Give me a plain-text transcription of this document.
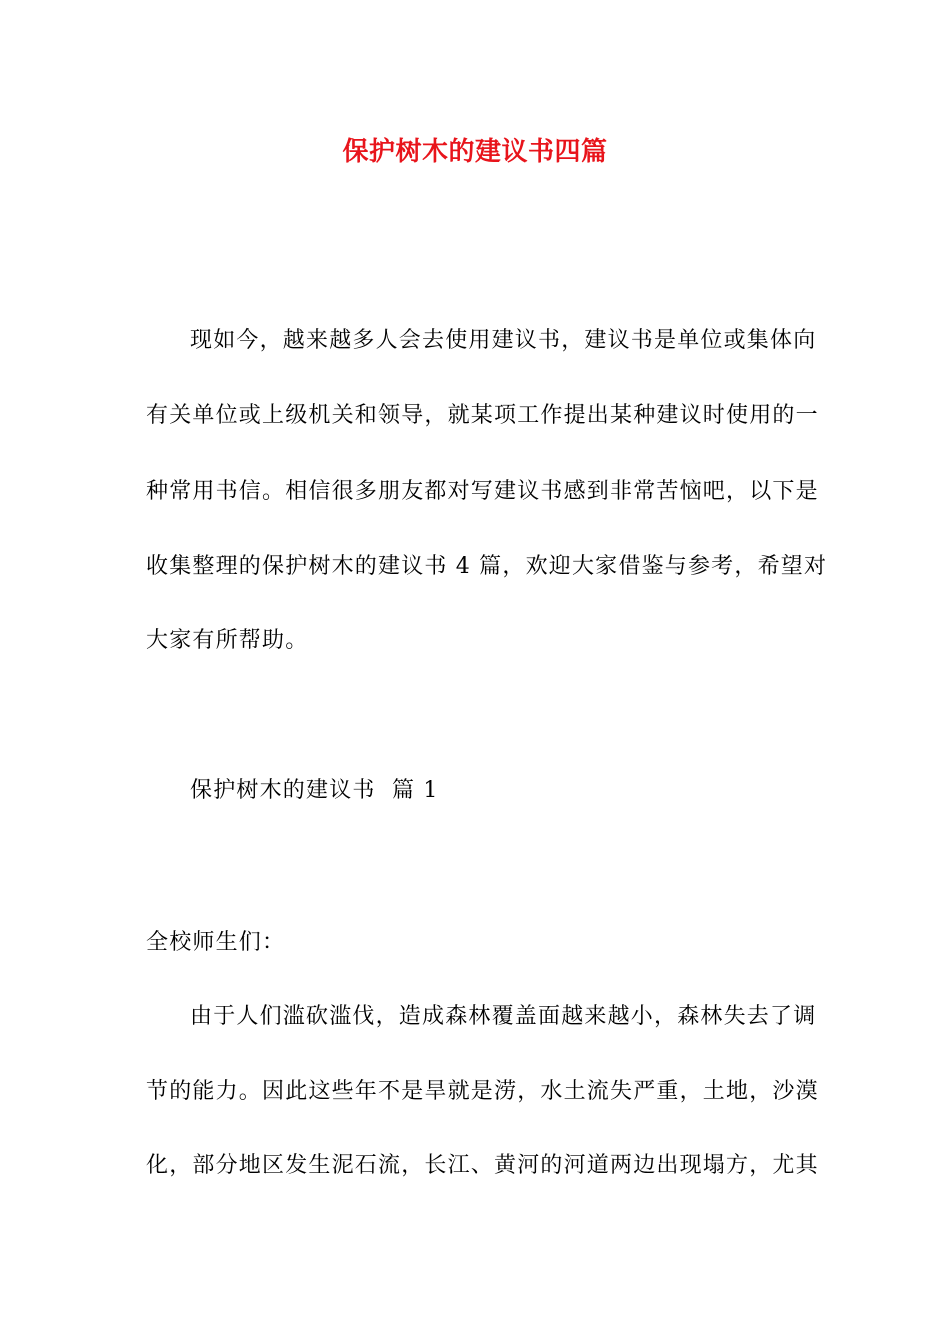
保护树木的建议书四篇
现如今，越来越多人会去使用建议书，建议书是单位或集体向
有关单位或上级机关和领导，就某项工作提出某种建议时使用的一
种常用书信。相信很多朋友都对写建议书感到非常苦恼吧，以下是
收集整理的保护树木的建议书 4 篇，欢迎大家借鉴与参考，希望对
大家有所帮助。
保护树木的建议书  篇 1
全校师生们：
由于人们滥砍滥伐，造成森林覆盖面越来越小，森林失去了调
节的能力。因此这些年不是旱就是涝，水土流失严重，土地，沙漠
化，部分地区发生泥石流，长江、黄河的河道两边出现塌方，尤其
